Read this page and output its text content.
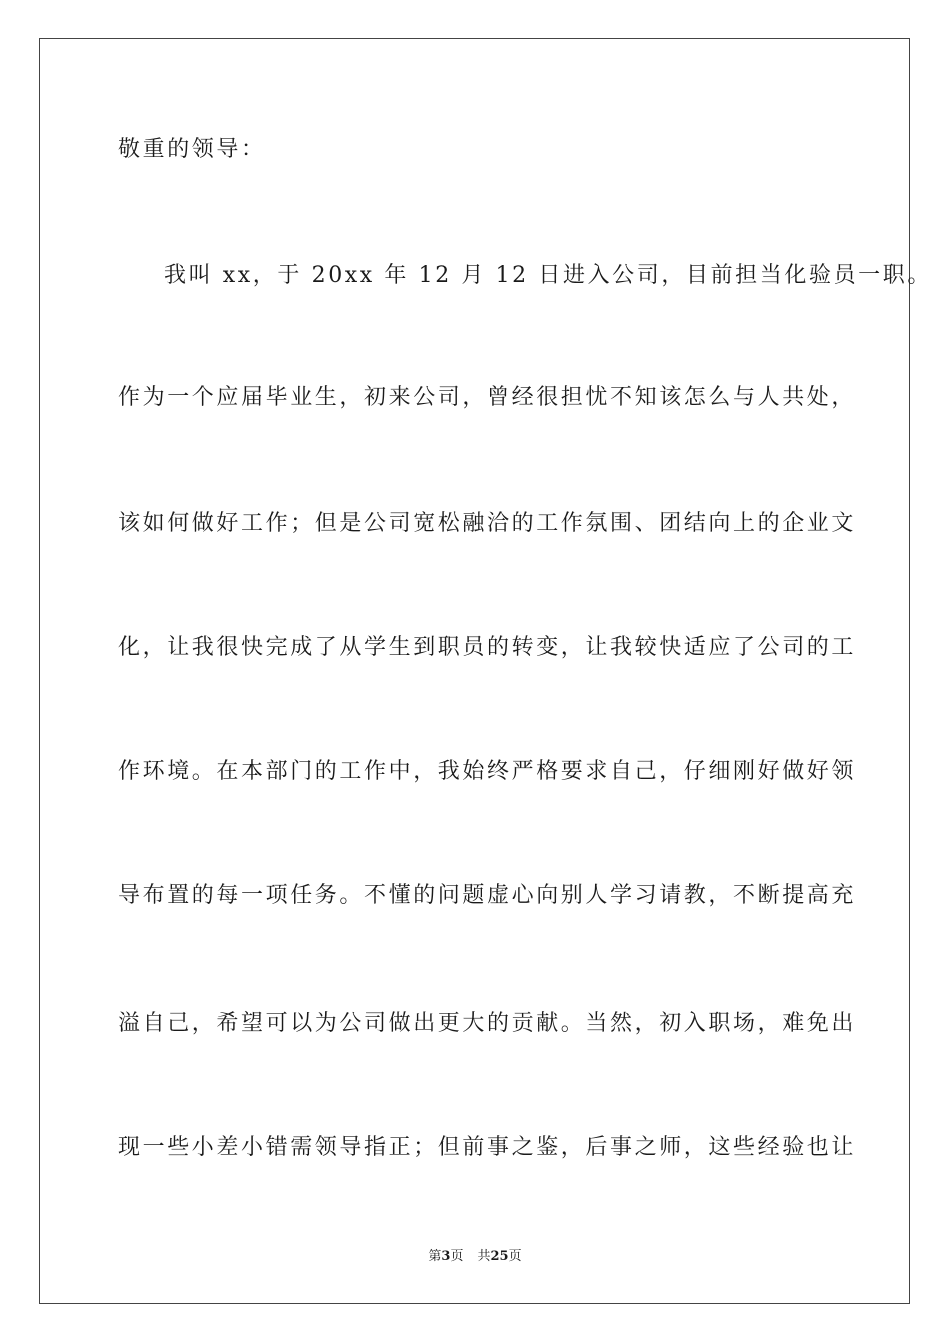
敬重的领导：
我叫 xx，于 20xx 年 12 月 12 日进入公司，目前担当化验员一职。
作为一个应届毕业生，初来公司，曾经很担忧不知该怎么与人共处，
该如何做好工作；但是公司宽松融洽的工作氛围、团结向上的企业文
化，让我很快完成了从学生到职员的转变，让我较快适应了公司的工
作环境。在本部门的工作中，我始终严格要求自己，仔细刚好做好领
导布置的每一项任务。不懂的问题虚心向别人学习请教，不断提高充
溢自己，希望可以为公司做出更大的贡献。当然，初入职场，难免出
现一些小差小错需领导指正；但前事之鉴，后事之师，这些经验也让
第3页 共25页
